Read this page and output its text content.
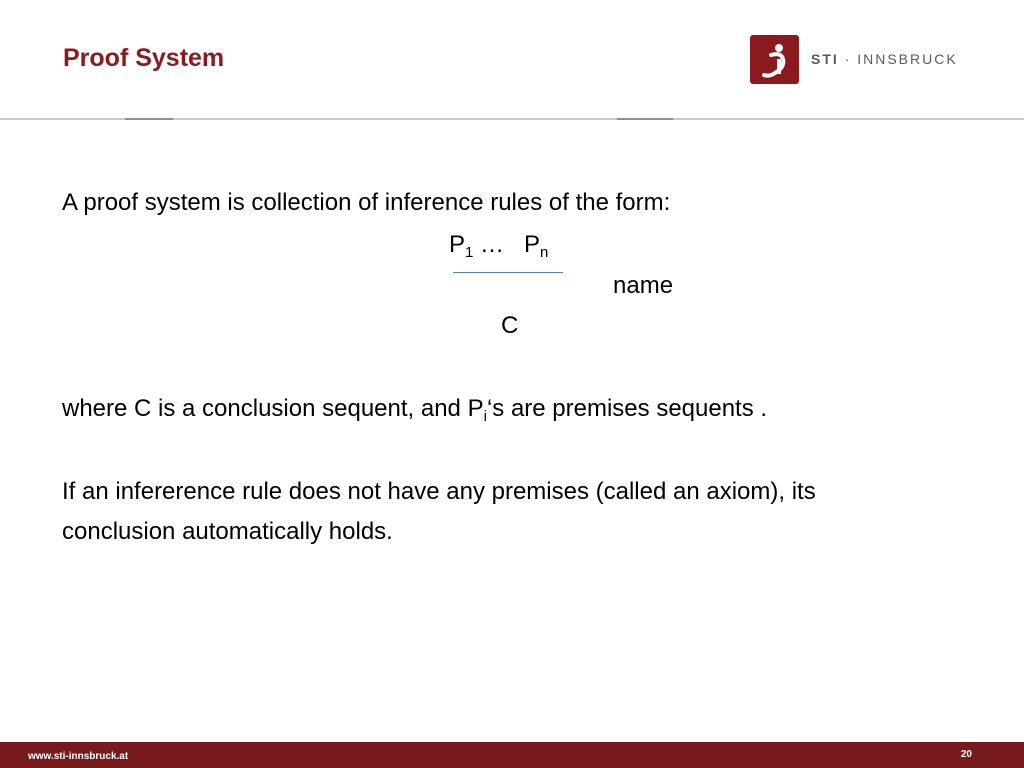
Proof System	STI · INNSBRUCK
A proof system is collection of inference rules of the form:
$P_1$ …   $P_n$
name
C
where C is a conclusion sequent, and $P_i‘s$ are premises sequents .
If an infererence rule does not have any premises (called an axiom), its
conclusion automatically holds.
www.sti-innsbruck.at	20
